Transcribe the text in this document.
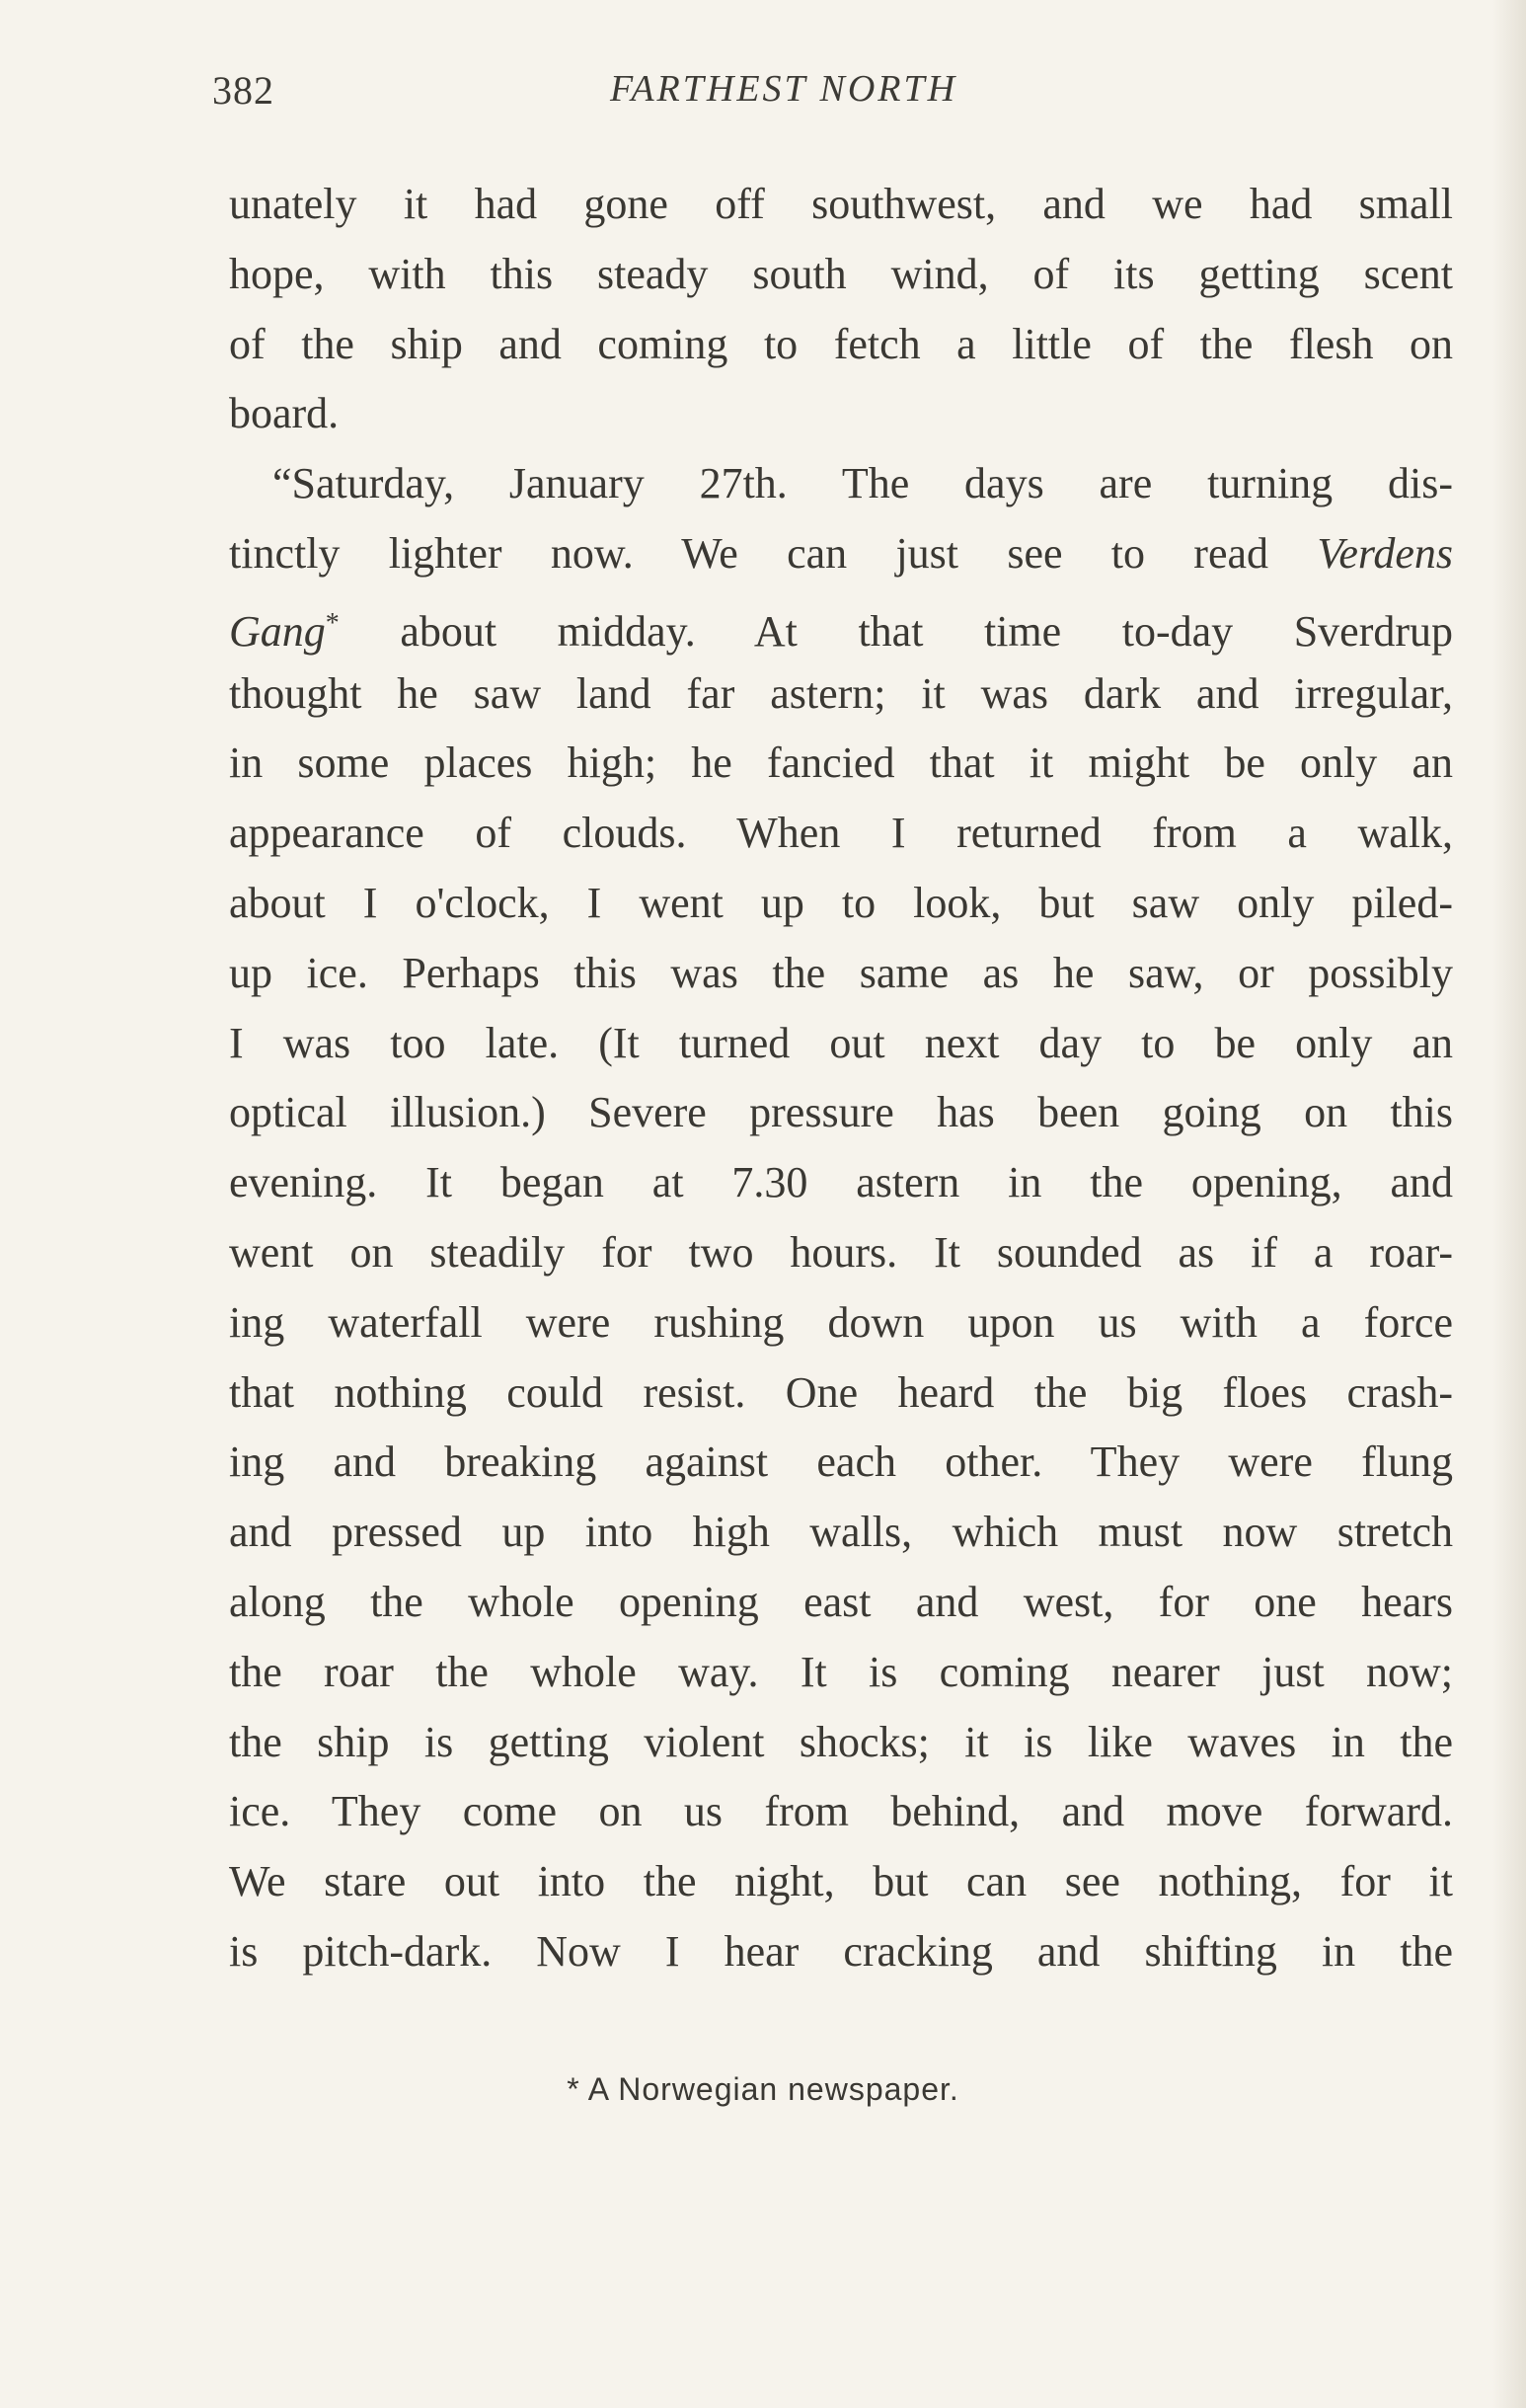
382	FARTHEST NORTH
unately it had gone off southwest, and we had small
hope, with this steady south wind, of its getting scent
of the ship and coming to fetch a little of the flesh on
board.
“Saturday, January 27th. The days are turning dis-
tinctly lighter now. We can just see to read Verdens
Gang* about midday. At that time to-day Sverdrup
thought he saw land far astern; it was dark and irregular,
in some places high; he fancied that it might be only an
appearance of clouds. When I returned from a walk,
about I o'clock, I went up to look, but saw only piled-
up ice. Perhaps this was the same as he saw, or possibly
I was too late. (It turned out next day to be only an
optical illusion.) Severe pressure has been going on this
evening. It began at 7.30 astern in the opening, and
went on steadily for two hours. It sounded as if a roar-
ing waterfall were rushing down upon us with a force
that nothing could resist. One heard the big floes crash-
ing and breaking against each other. They were flung
and pressed up into high walls, which must now stretch
along the whole opening east and west, for one hears
the roar the whole way. It is coming nearer just now;
the ship is getting violent shocks; it is like waves in the
ice. They come on us from behind, and move forward.
We stare out into the night, but can see nothing, for it
is pitch-dark. Now I hear cracking and shifting in the
* A Norwegian newspaper.
